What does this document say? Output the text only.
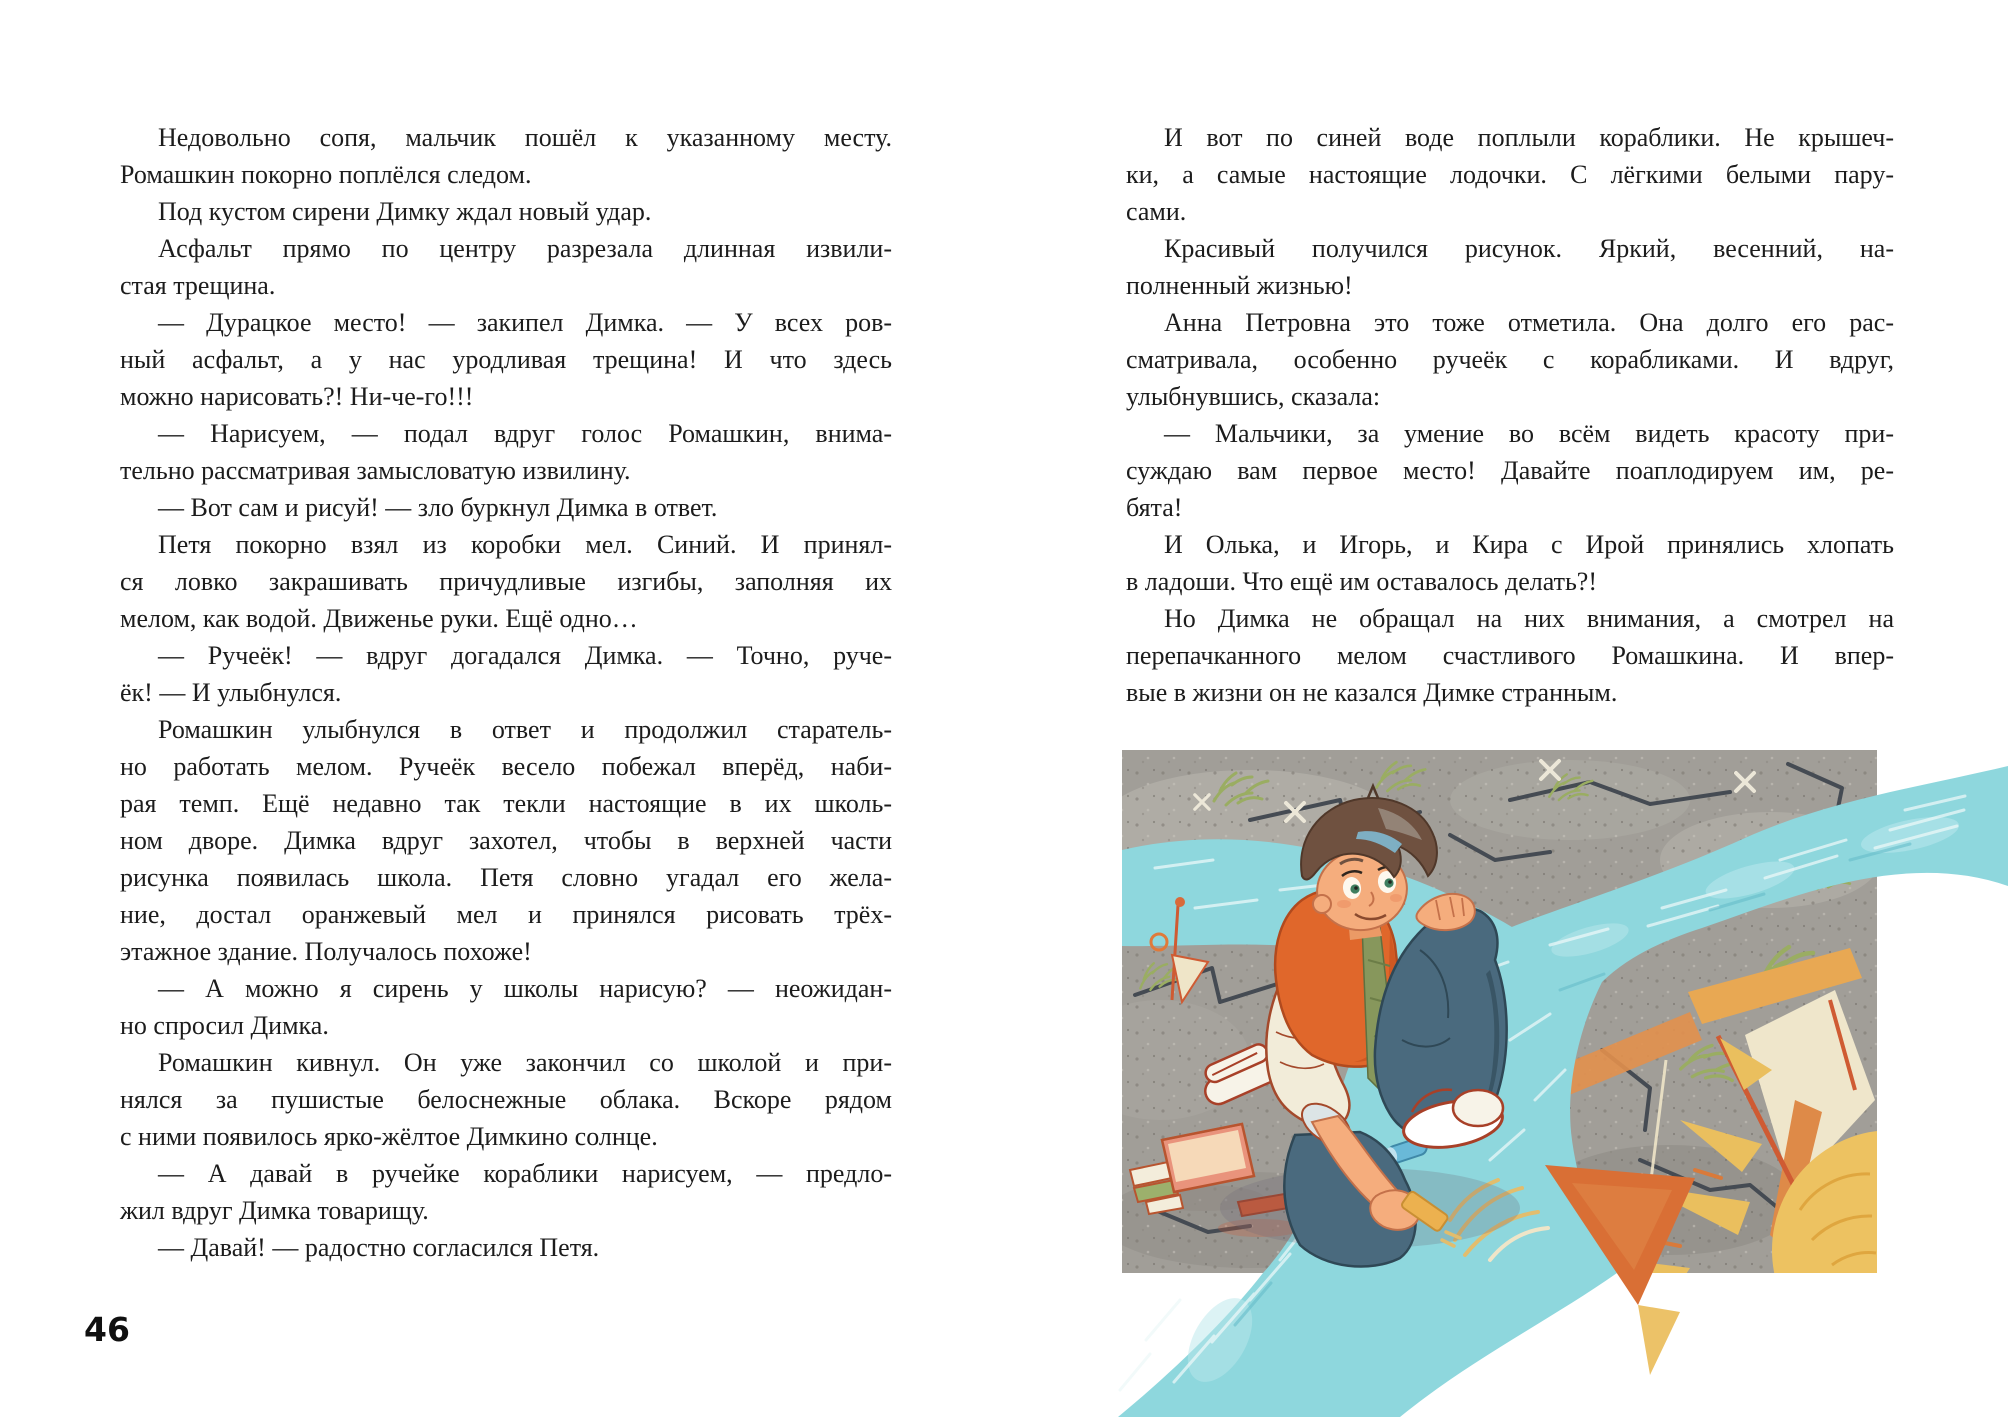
Недовольно сопя, мальчик пошёл к указанному месту.
Ромашкин покорно поплёлся следом.
Под кустом сирени Димку ждал новый удар.
Асфальт прямо по центру разрезала длинная извили-
стая трещина.
— Дурацкое место! — закипел Димка. — У всех ров-
ный асфальт, а у нас уродливая трещина! И что здесь
можно нарисовать?! Ни-че-го!!!
— Нарисуем, — подал вдруг голос Ромашкин, внима-
тельно рассматривая замысловатую извилину.
— Вот сам и рисуй! — зло буркнул Димка в ответ.
Петя покорно взял из коробки мел. Синий. И принял-
ся ловко закрашивать причудливые изгибы, заполняя их
мелом, как водой. Движенье руки. Ещё одно…
— Ручеёк! — вдруг догадался Димка. — Точно, руче-
ёк! — И улыбнулся.
Ромашкин улыбнулся в ответ и продолжил старатель-
но работать мелом. Ручеёк весело побежал вперёд, наби-
рая темп. Ещё недавно так текли настоящие в их школь-
ном дворе. Димка вдруг захотел, чтобы в верхней части
рисунка появилась школа. Петя словно угадал его жела-
ние, достал оранжевый мел и принялся рисовать трёх-
этажное здание. Получалось похоже!
— А можно я сирень у школы нарисую? — неожидан-
но спросил Димка.
Ромашкин кивнул. Он уже закончил со школой и при-
нялся за пушистые белоснежные облака. Вскоре рядом
с ними появилось ярко-жёлтое Димкино солнце.
— А давай в ручейке кораблики нарисуем, — предло-
жил вдруг Димка товарищу.
— Давай! — радостно согласился Петя.
И вот по синей воде поплыли кораблики. Не крышеч-
ки, а самые настоящие лодочки. С лёгкими белыми пару-
сами.
Красивый получился рисунок. Яркий, весенний, на-
полненный жизнью!
Анна Петровна это тоже отметила. Она долго его рас-
сматривала, особенно ручеёк с корабликами. И вдруг,
улыбнувшись, сказала:
— Мальчики, за умение во всём видеть красоту при-
суждаю вам первое место! Давайте поаплодируем им, ре-
бята!
И Олька, и Игорь, и Кира с Ирой принялись хлопать
в ладоши. Что ещё им оставалось делать?!
Но Димка не обращал на них внимания, а смотрел на
перепачканного мелом счастливого Ромашкина. И впер-
вые в жизни он не казался Димке странным.
46
